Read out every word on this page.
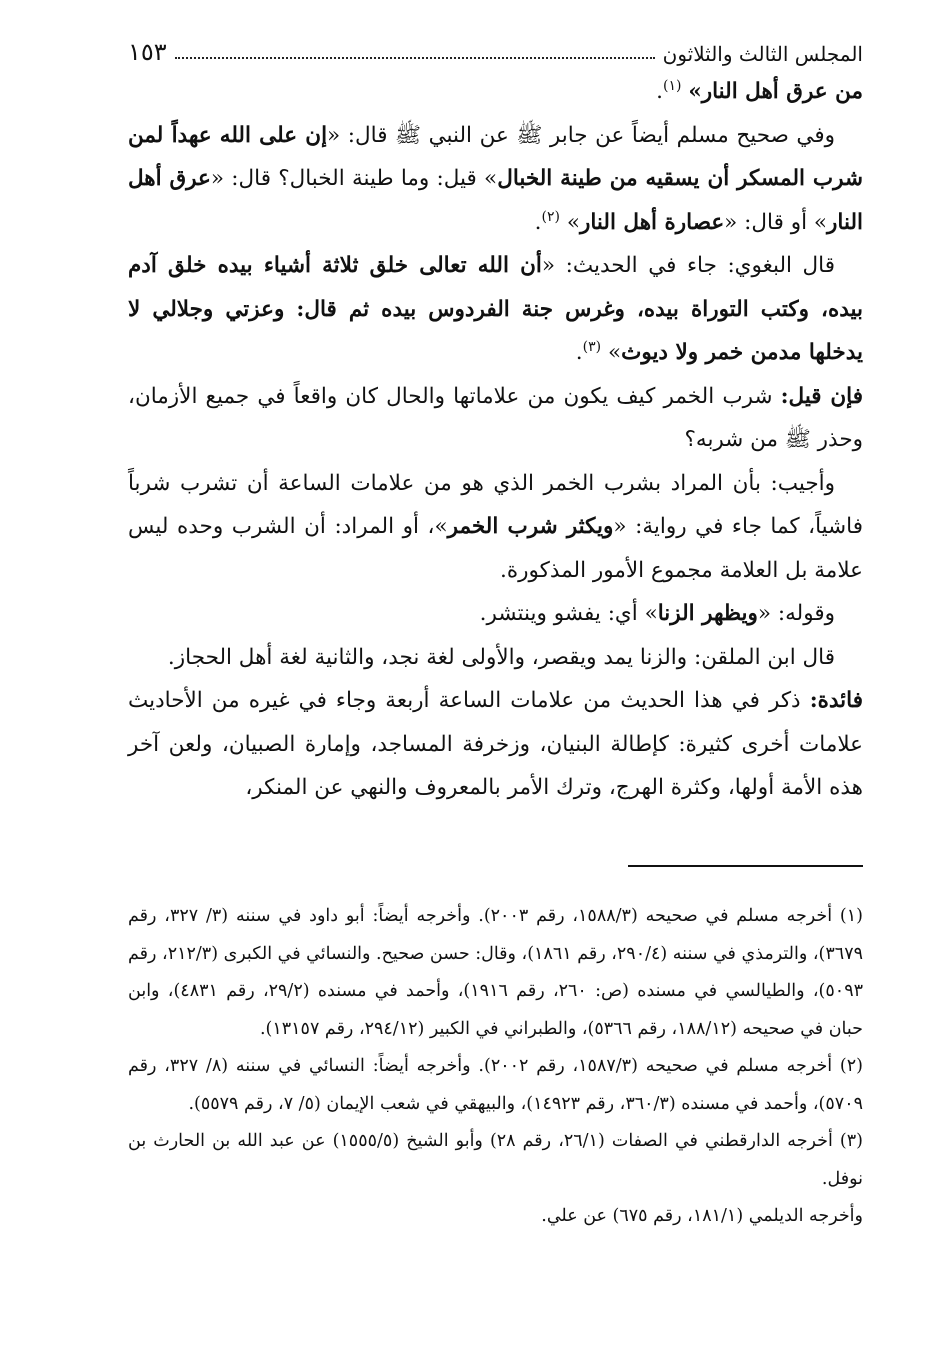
المجلس الثالث والثلاثون
١٥٣

من عرق أهل النار» $^{(١)}$.

وفي صحيح مسلم أيضاً عن جابر ﷺ عن النبي ﷺ قال: «إن على الله عهداً لمن شرب المسكر أن يسقيه من طينة الخبال» قيل: وما طينة الخبال؟ قال: «عرق أهل النار» أو قال: «عصارة أهل النار» $^{(٢)}$.

قال البغوي: جاء في الحديث: «أن الله تعالى خلق ثلاثة أشياء بيده خلق آدم بيده، وكتب التوراة بيده، وغرس جنة الفردوس بيده ثم قال: وعزتي وجلالي لا يدخلها مدمن خمر ولا ديوث» $^{(٣)}$.

فإن قيل: شرب الخمر كيف يكون من علاماتها والحال كان واقعاً في جميع الأزمان، وحذر ﷺ من شربه؟

وأجيب: بأن المراد بشرب الخمر الذي هو من علامات الساعة أن تشرب شرباً فاشياً، كما جاء في رواية: «ويكثر شرب الخمر»، أو المراد: أن الشرب وحده ليس علامة بل العلامة مجموع الأمور المذكورة.

وقوله: «ويظهر الزنا» أي: يفشو وينتشر.

قال ابن الملقن: والزنا يمد ويقصر، والأولى لغة نجد، والثانية لغة أهل الحجاز.

فائدة: ذكر في هذا الحديث من علامات الساعة أربعة وجاء في غيره من الأحاديث علامات أخرى كثيرة: كإطالة البنيان، وزخرفة المساجد، وإمارة الصبيان، ولعن آخر هذه الأمة أولها، وكثرة الهرج، وترك الأمر بالمعروف والنهي عن المنكر،

(١) أخرجه مسلم في صحيحه (١٥٨٨/٣، رقم ٢٠٠٣). وأخرجه أيضاً: أبو داود في سننه (٣/ ٣٢٧، رقم ٣٦٧٩)، والترمذي في سننه (٢٩٠/٤، رقم ١٨٦١)، وقال: حسن صحيح. والنسائي في الكبرى (٢١٢/٣، رقم ٥٠٩٣)، والطيالسي في مسنده (ص: ٢٦٠، رقم ١٩١٦)، وأحمد في مسنده (٢٩/٢، رقم ٤٨٣١)، وابن حبان في صحيحه (١٨٨/١٢، رقم ٥٣٦٦)، والطبراني في الكبير (٢٩٤/١٢، رقم ١٣١٥٧).

(٢) أخرجه مسلم في صحيحه (١٥٨٧/٣، رقم ٢٠٠٢). وأخرجه أيضاً: النسائي في سننه (٨/ ٣٢٧، رقم ٥٧٠٩)، وأحمد في مسنده (٣٦٠/٣، رقم ١٤٩٢٣)، والبيهقي في شعب الإيمان (٥/ ٧، رقم ٥٥٧٩).

(٣) أخرجه الدارقطني في الصفات (٢٦/١، رقم ٢٨) وأبو الشيخ (١٥٥٥/٥) عن عبد الله بن الحارث بن نوفل.

وأخرجه الديلمي (١٨١/١، رقم ٦٧٥) عن علي.
